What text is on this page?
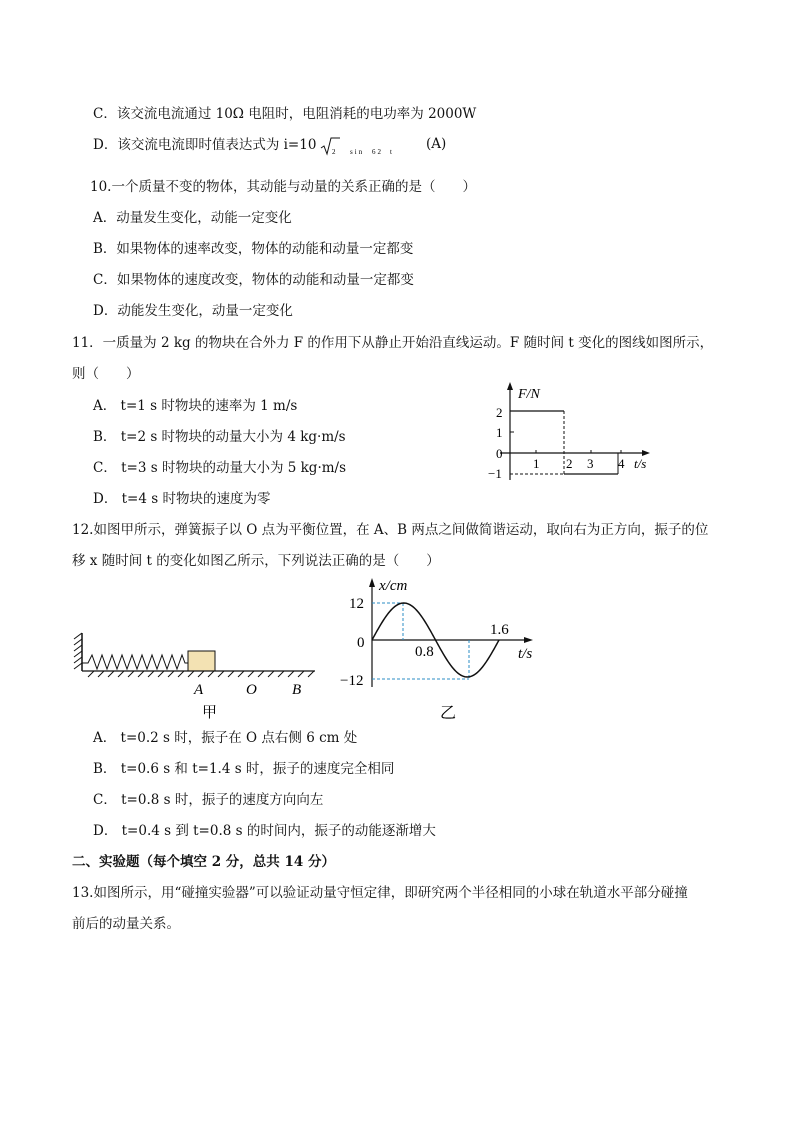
C．该交流电流通过 10Ω 电阻时，电阻消耗的电功率为 2000W
D．该交流电流即时值表达式为 i=10 2 sin 62 t (A)
10.一个质量不变的物体，其动能与动量的关系正确的是（　　）
A．动量发生变化，动能一定变化
B．如果物体的速率改变，物体的动能和动量一定都变
C．如果物体的速度改变，物体的动能和动量一定都变
D．动能发生变化，动量一定变化
11．一质量为 2 kg 的物块在合外力 F 的作用下从静止开始沿直线运动。F 随时间 t 变化的图线如图所示，
则（　　）
A． t=1 s 时物块的速率为 1 m/s
B． t=2 s 时物块的动量大小为 4 kg·m/s
C． t=3 s 时物块的动量大小为 5 kg·m/s
D． t=4 s 时物块的速度为零
F/N
t/s
2
1
0
−1
1 2 3 4
12.如图甲所示，弹簧振子以 O 点为平衡位置，在 A、B 两点之间做简谐运动，取向右为正方向，振子的位
移 x 随时间 t 的变化如图乙所示，下列说法正确的是（　　）
A	O B
甲
x/cm
t/s
12
0
−12
0.8
1.6
乙
A． t=0.2 s 时，振子在 O 点右侧 6 cm 处
B． t=0.6 s 和 t=1.4 s 时，振子的速度完全相同
C． t=0.8 s 时，振子的速度方向向左
D． t=0.4 s 到 t=0.8 s 的时间内，振子的动能逐渐增大
二、实验题（每个填空 2 分，总共 14 分）
13.如图所示，用“碰撞实验器”可以验证动量守恒定律，即研究两个半径相同的小球在轨道水平部分碰撞
前后的动量关系。
